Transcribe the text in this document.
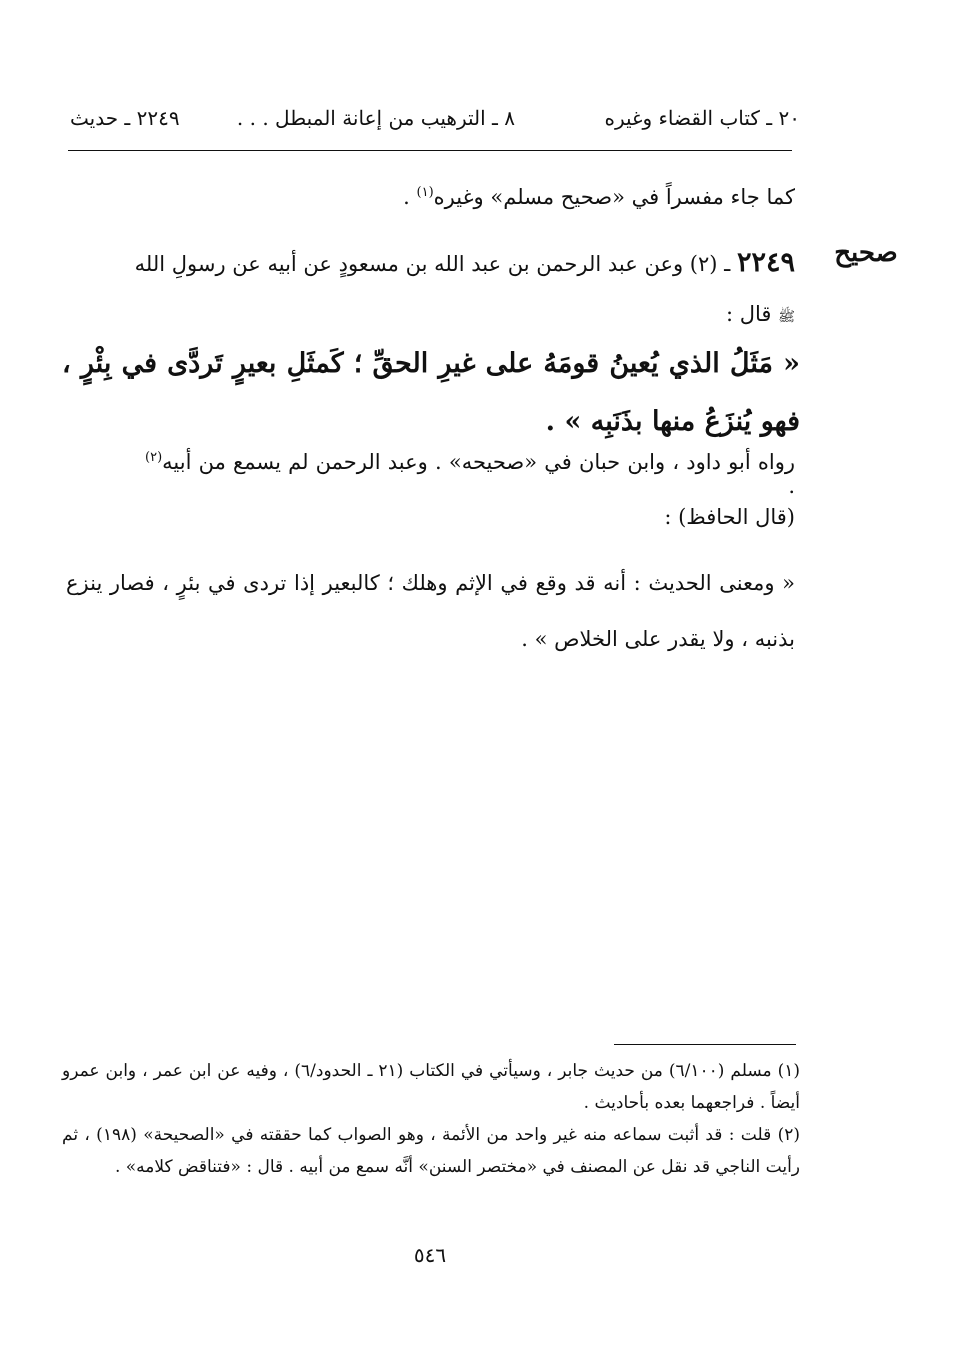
٢٠ ـ كتاب القضاء وغيره
٨ ـ الترهيب من إعانة المبطل . . .
٢٢٤٩ ـ حديث
كما جاء مفسراً في «صحيح مسلم» وغيره$^{(١)}$ .
صحيح
٢٢٤٩ ـ (٢) وعن عبد الرحمن بن عبد الله بن مسعودٍ عن أبيه عن رسولِ الله
ﷺ قال :
« مَثَلُ الذي يُعينُ قومَهُ على غيرِ الحقِّ ؛ كَمثَلِ بعيرٍ تَردَّى في بِئْرٍ ، فهو يُنزَعُ منها بذَنَبِه » .
رواه أبو داود ، وابن حبان في «صحيحه» . وعبد الرحمن لم يسمع من أبيه$^{(٢)}$ .
(قال الحافظ) :
« ومعنى الحديث : أنه قد وقع في الإثم وهلك ؛ كالبعير إذا تردى في بئرٍ ، فصار ينزع بذنبه ، ولا يقدر على الخلاص » .
(١) مسلم (٦/١٠٠) من حديث جابر ، وسيأتي في الكتاب (٢١ ـ الحدود/٦) ، وفيه عن ابن عمر ، وابن عمرو أيضاً . فراجعهما بعده بأحاديث .
(٢) قلت : قد أثبت سماعه منه غير واحد من الأئمة ، وهو الصواب كما حققته في «الصحيحة» (١٩٨) ، ثم رأيت الناجي قد نقل عن المصنف في «مختصر السنن» أنَّه سمع من أبيه . قال : «فتناقض كلامه» .
٥٤٦
